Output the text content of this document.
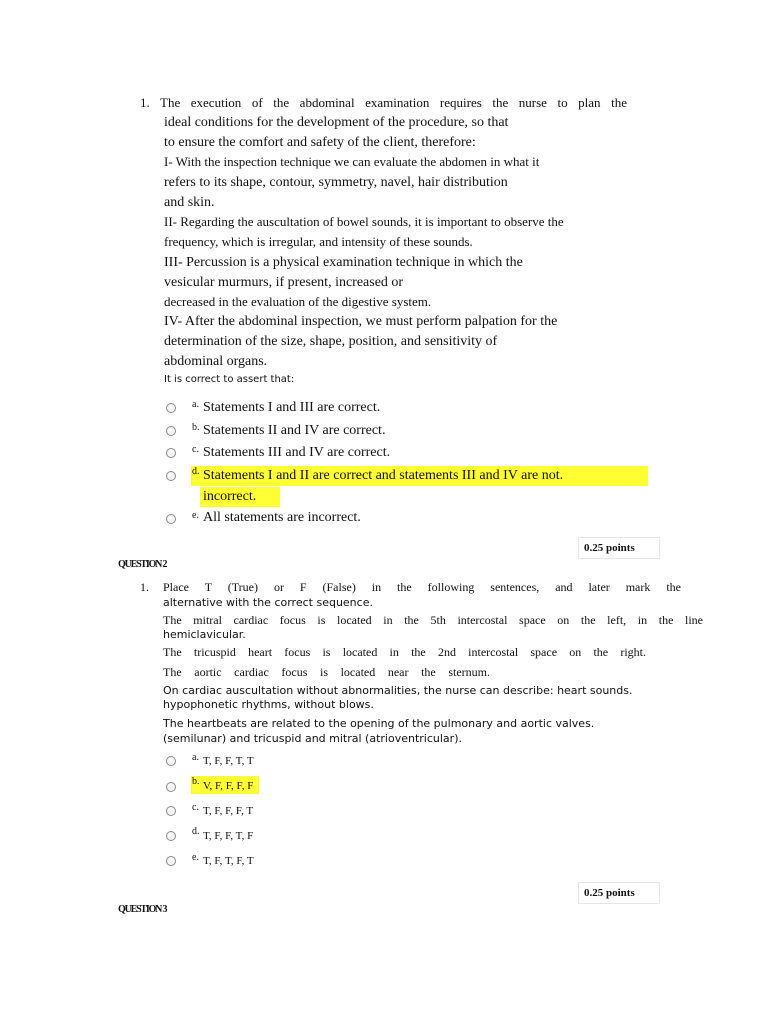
1. The execution of the abdominal examination requires the nurse to plan the
ideal conditions for the development of the procedure, so that
to ensure the comfort and safety of the client, therefore:
I- With the inspection technique we can evaluate the abdomen in what it
refers to its shape, contour, symmetry, navel, hair distribution
and skin.
II- Regarding the auscultation of bowel sounds, it is important to observe the
frequency, which is irregular, and intensity of these sounds.
III- Percussion is a physical examination technique in which the
vesicular murmurs, if present, increased or
decreased in the evaluation of the digestive system.
IV- After the abdominal inspection, we must perform palpation for the
determination of the size, shape, position, and sensitivity of
abdominal organs.
It is correct to assert that:
a. Statements I and III are correct.
b. Statements II and IV are correct.
c. Statements III and IV are correct.
d. Statements I and II are correct and statements III and IV are not.
incorrect.
e. All statements are incorrect.
0.25 points
QUESTION 2
1. Place T (True) or F (False) in the following sentences, and later mark the
alternative with the correct sequence.
The mitral cardiac focus is located in the 5th intercostal space on the left, in the line
hemiclavicular.
The tricuspid heart focus is located in the 2nd intercostal space on the right.
The aortic cardiac focus is located near the sternum.
On cardiac auscultation without abnormalities, the nurse can describe: heart sounds.
hypophonetic rhythms, without blows.
The heartbeats are related to the opening of the pulmonary and aortic valves.
(semilunar) and tricuspid and mitral (atrioventricular).
a. T, F, F, T, T
b. V, F, F, F, F
c. T, F, F, F, T
d. T, F, F, T, F
e. T, F, T, F, T
0.25 points
QUESTION 3
